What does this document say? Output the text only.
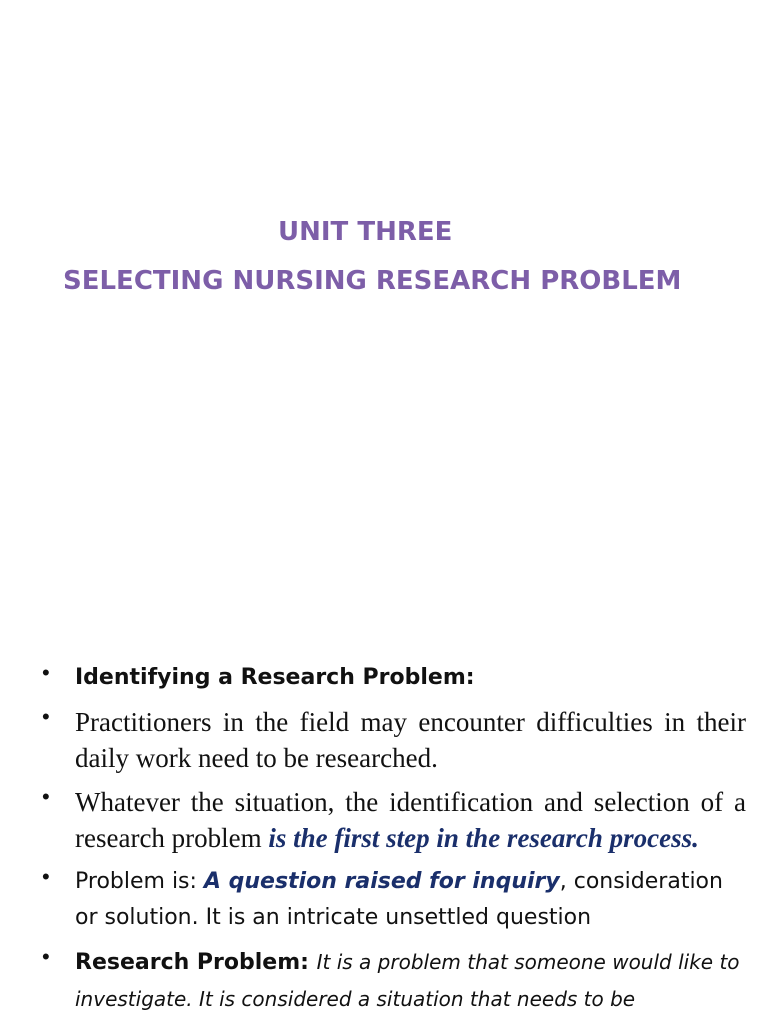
UNIT THREE
SELECTING NURSING RESEARCH PROBLEM
• Identifying a Research Problem:
• Practitioners in the field may encounter difficulties in their daily work need to be researched.
• Whatever the situation, the identification and selection of a research problem is the first step in the research process.
• Problem is: A question raised for inquiry, consideration or solution. It is an intricate unsettled question
• Research Problem: It is a problem that someone would like to investigate. It is considered a situation that needs to be
